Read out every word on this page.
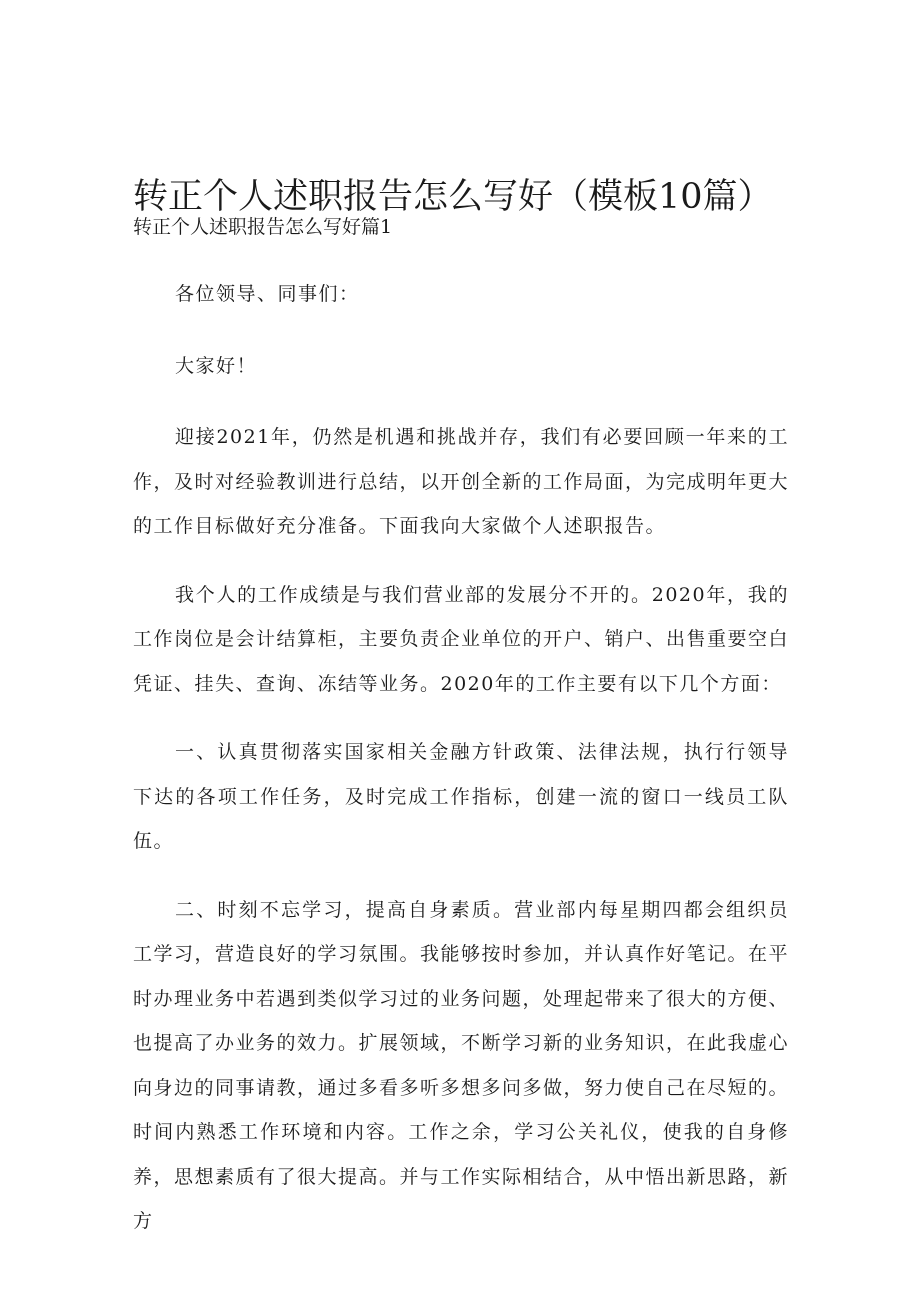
转正个人述职报告怎么写好（模板10篇）
转正个人述职报告怎么写好篇1

各位领导、同事们：

大家好！

迎接2021年，仍然是机遇和挑战并存，我们有必要回顾一年来的工作，及时对经验教训进行总结，以开创全新的工作局面，为完成明年更大的工作目标做好充分准备。下面我向大家做个人述职报告。

我个人的工作成绩是与我们营业部的发展分不开的。2020年，我的工作岗位是会计结算柜，主要负责企业单位的开户、销户、出售重要空白凭证、挂失、查询、冻结等业务。2020年的工作主要有以下几个方面：

一、认真贯彻落实国家相关金融方针政策、法律法规，执行行领导下达的各项工作任务，及时完成工作指标，创建一流的窗口一线员工队伍。

二、时刻不忘学习，提高自身素质。营业部内每星期四都会组织员工学习，营造良好的学习氛围。我能够按时参加，并认真作好笔记。在平时办理业务中若遇到类似学习过的业务问题，处理起带来了很大的方便、也提高了办业务的效力。扩展领域，不断学习新的业务知识，在此我虚心向身边的同事请教，通过多看多听多想多问多做，努力使自己在尽短的。时间内熟悉工作环境和内容。工作之余，学习公关礼仪，使我的自身修养，思想素质有了很大提高。并与工作实际相结合，从中悟出新思路，新方
